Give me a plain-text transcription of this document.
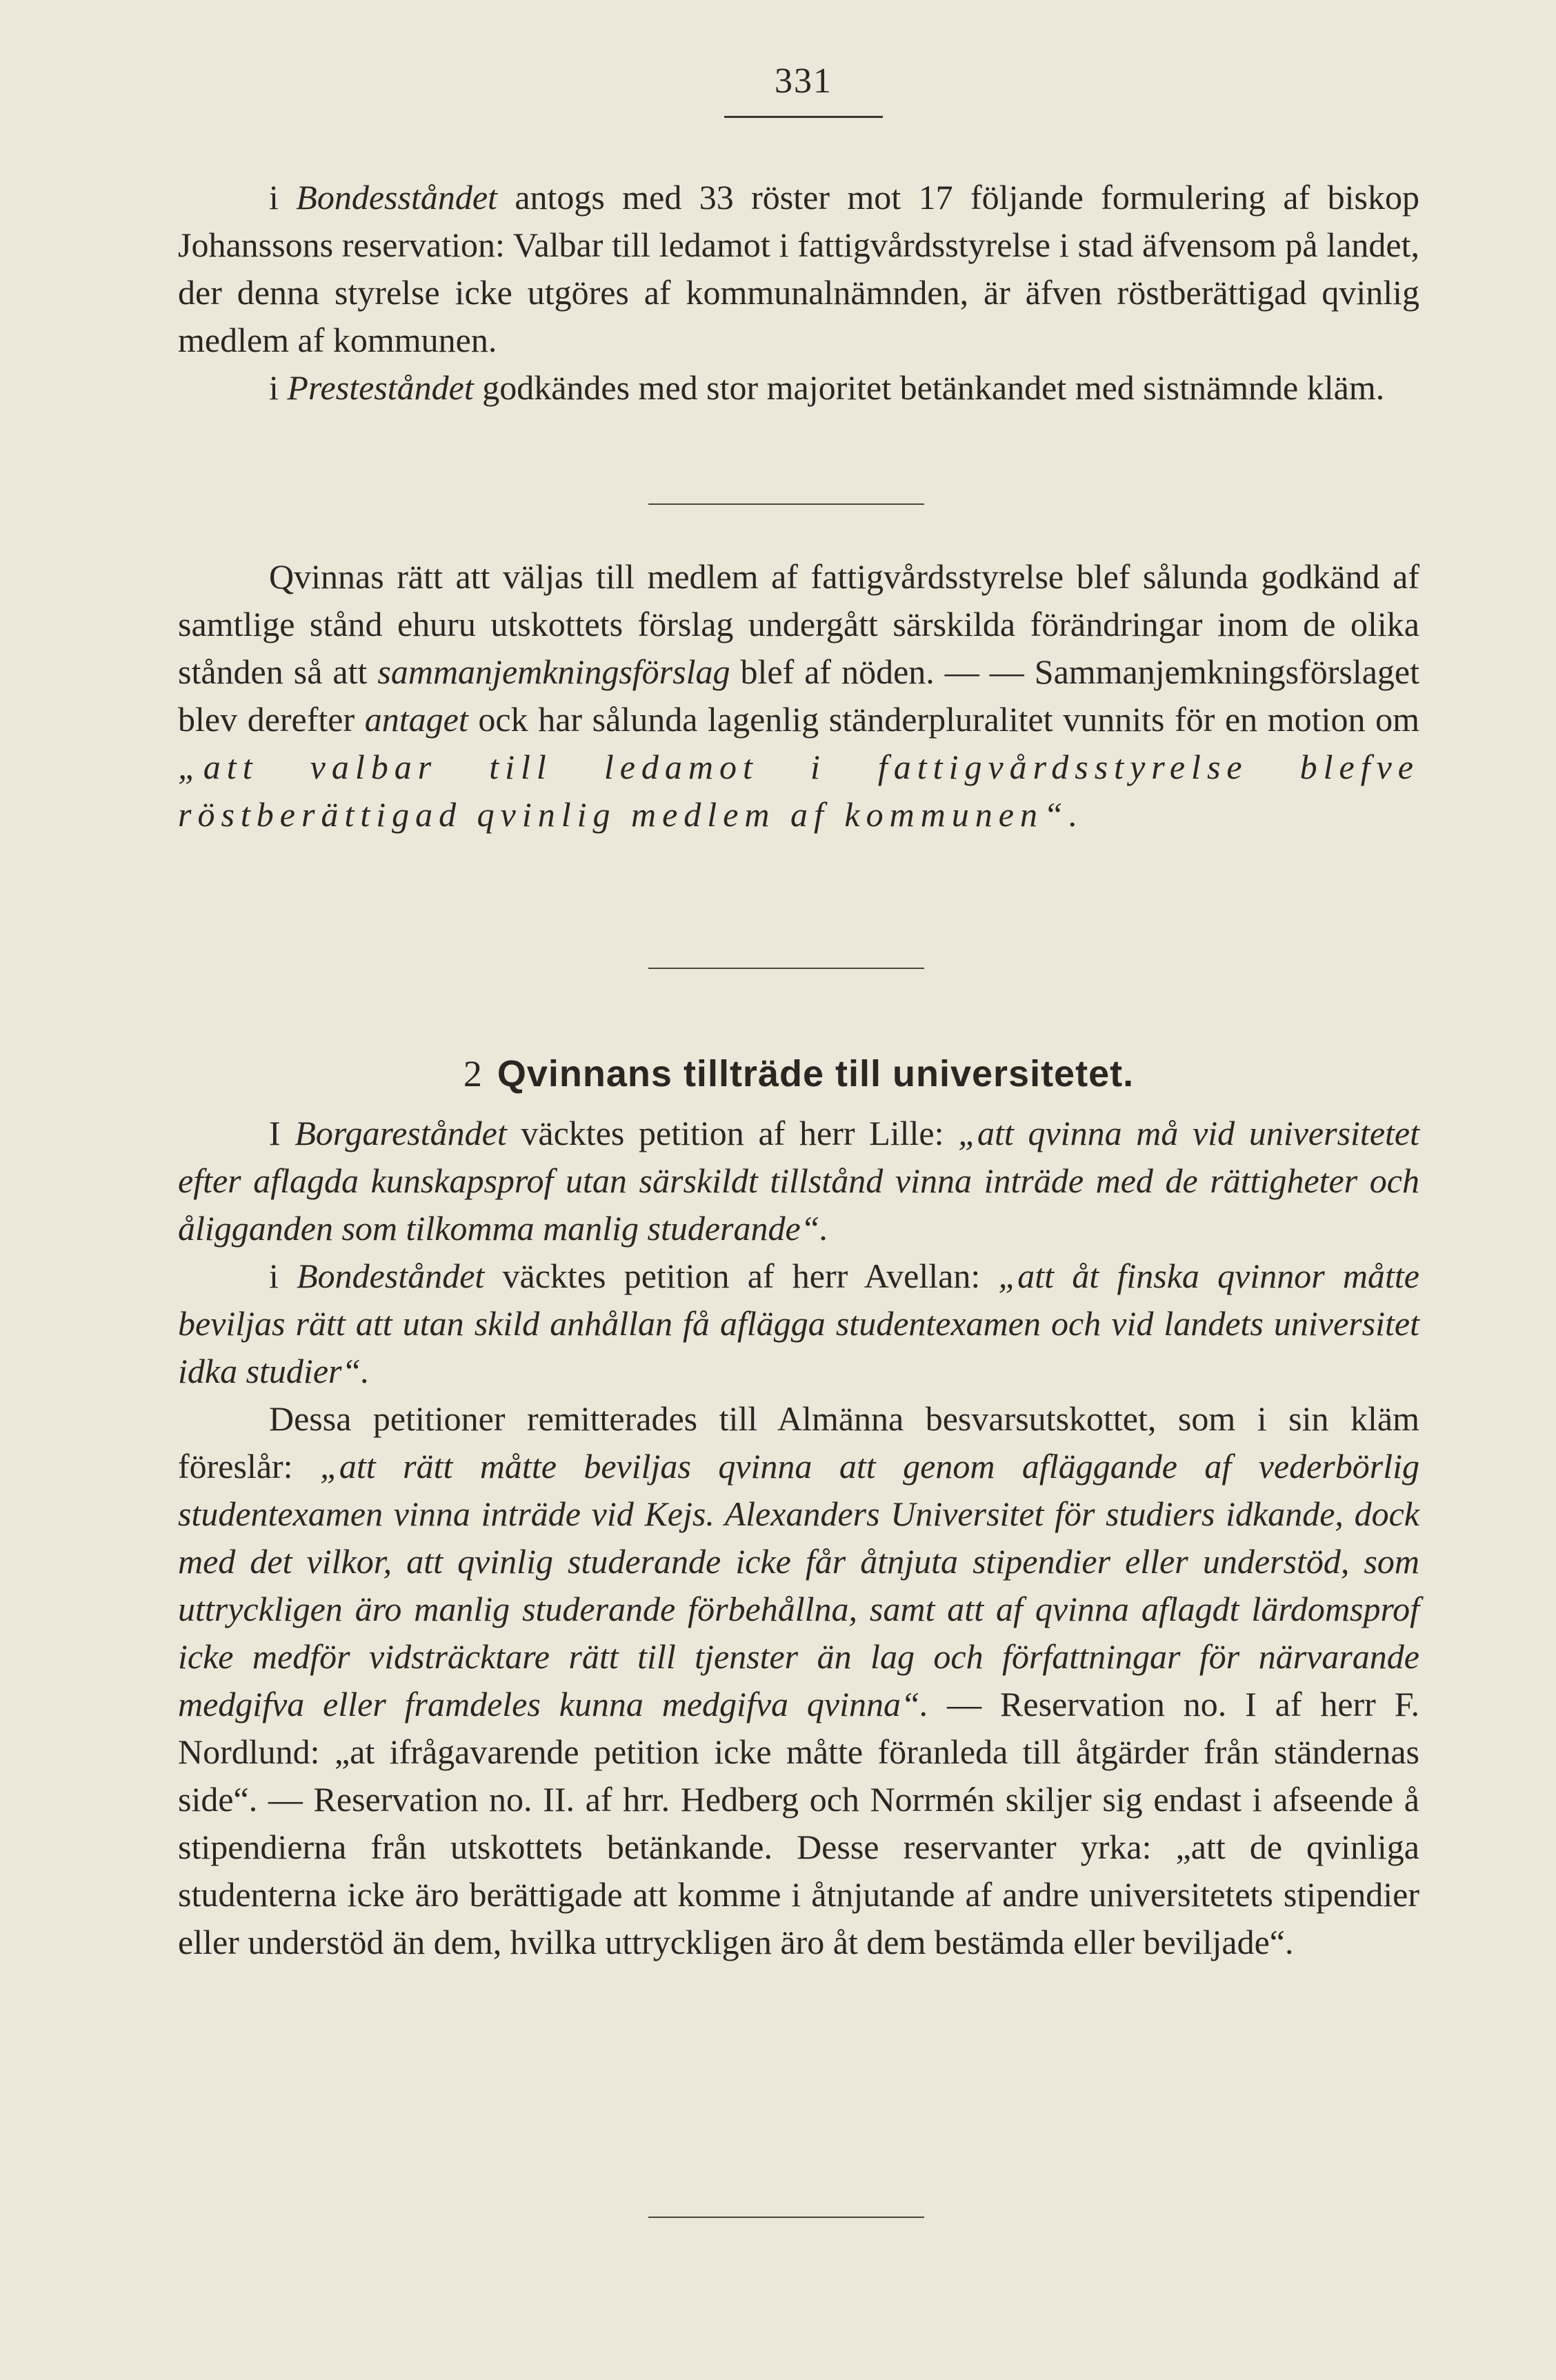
331

i Bondesståndet antogs med 33 röster mot 17 följande formulering af biskop Johanssons reservation: Valbar till ledamot i fattigvårdsstyrelse i stad äfvensom på landet, der denna styrelse icke utgöres af kommunalnämnden, är äfven röstberättigad qvinlig medlem af kommunen.

i Presteståndet godkändes med stor majoritet betänkandet med sistnämnde kläm.

Qvinnas rätt att väljas till medlem af fattigvårdsstyrelse blef sålunda godkänd af samtlige stånd ehuru utskottets förslag undergått särskilda förändringar inom de olika stånden så att sammanjemkningsförslag blef af nöden. — — Sammanjemkningsförslaget blev derefter antaget ock har sålunda lagenlig ständerpluralitet vunnits för en motion om „att valbar till ledamot i fattigvårdsstyrelse blefve röstberättigad qvinlig medlem af kommunen“.

2 Qvinnans tillträde till universitetet.

I Borgareståndet väcktes petition af herr Lille: „att qvinna må vid universitetet efter aflagda kunskapsprof utan särskildt tillstånd vinna inträde med de rättigheter och åligganden som tilkomma manlig studerande“.

i Bondeståndet väcktes petition af herr Avellan: „att åt finska qvinnor måtte beviljas rätt att utan skild anhållan få aflägga studentexamen och vid landets universitet idka studier“.

Dessa petitioner remitterades till Almänna besvarsutskottet, som i sin kläm föreslår: „att rätt måtte beviljas qvinna att genom afläggande af vederbörlig studentexamen vinna inträde vid Kejs. Alexanders Universitet för studiers idkande, dock med det vilkor, att qvinlig studerande icke får åtnjuta stipendier eller understöd, som uttryckligen äro manlig studerande förbehållna, samt att af qvinna aflagdt lärdomsprof icke medför vidsträcktare rätt till tjenster än lag och författningar för närvarande medgifva eller framdeles kunna medgifva qvinna“. — Reservation no. I af herr F. Nordlund: „at ifrågavarende petition icke måtte föranleda till åtgärder från ständernas side“. — Reservation no. II. af hrr. Hedberg och Norrmén skiljer sig endast i afseende å stipendierna från utskottets betänkande. Desse reservanter yrka: „att de qvinliga studenterna icke äro berättigade att komme i åtnjutande af andre universitetets stipendier eller understöd än dem, hvilka uttryckligen äro åt dem bestämda eller beviljade“.
